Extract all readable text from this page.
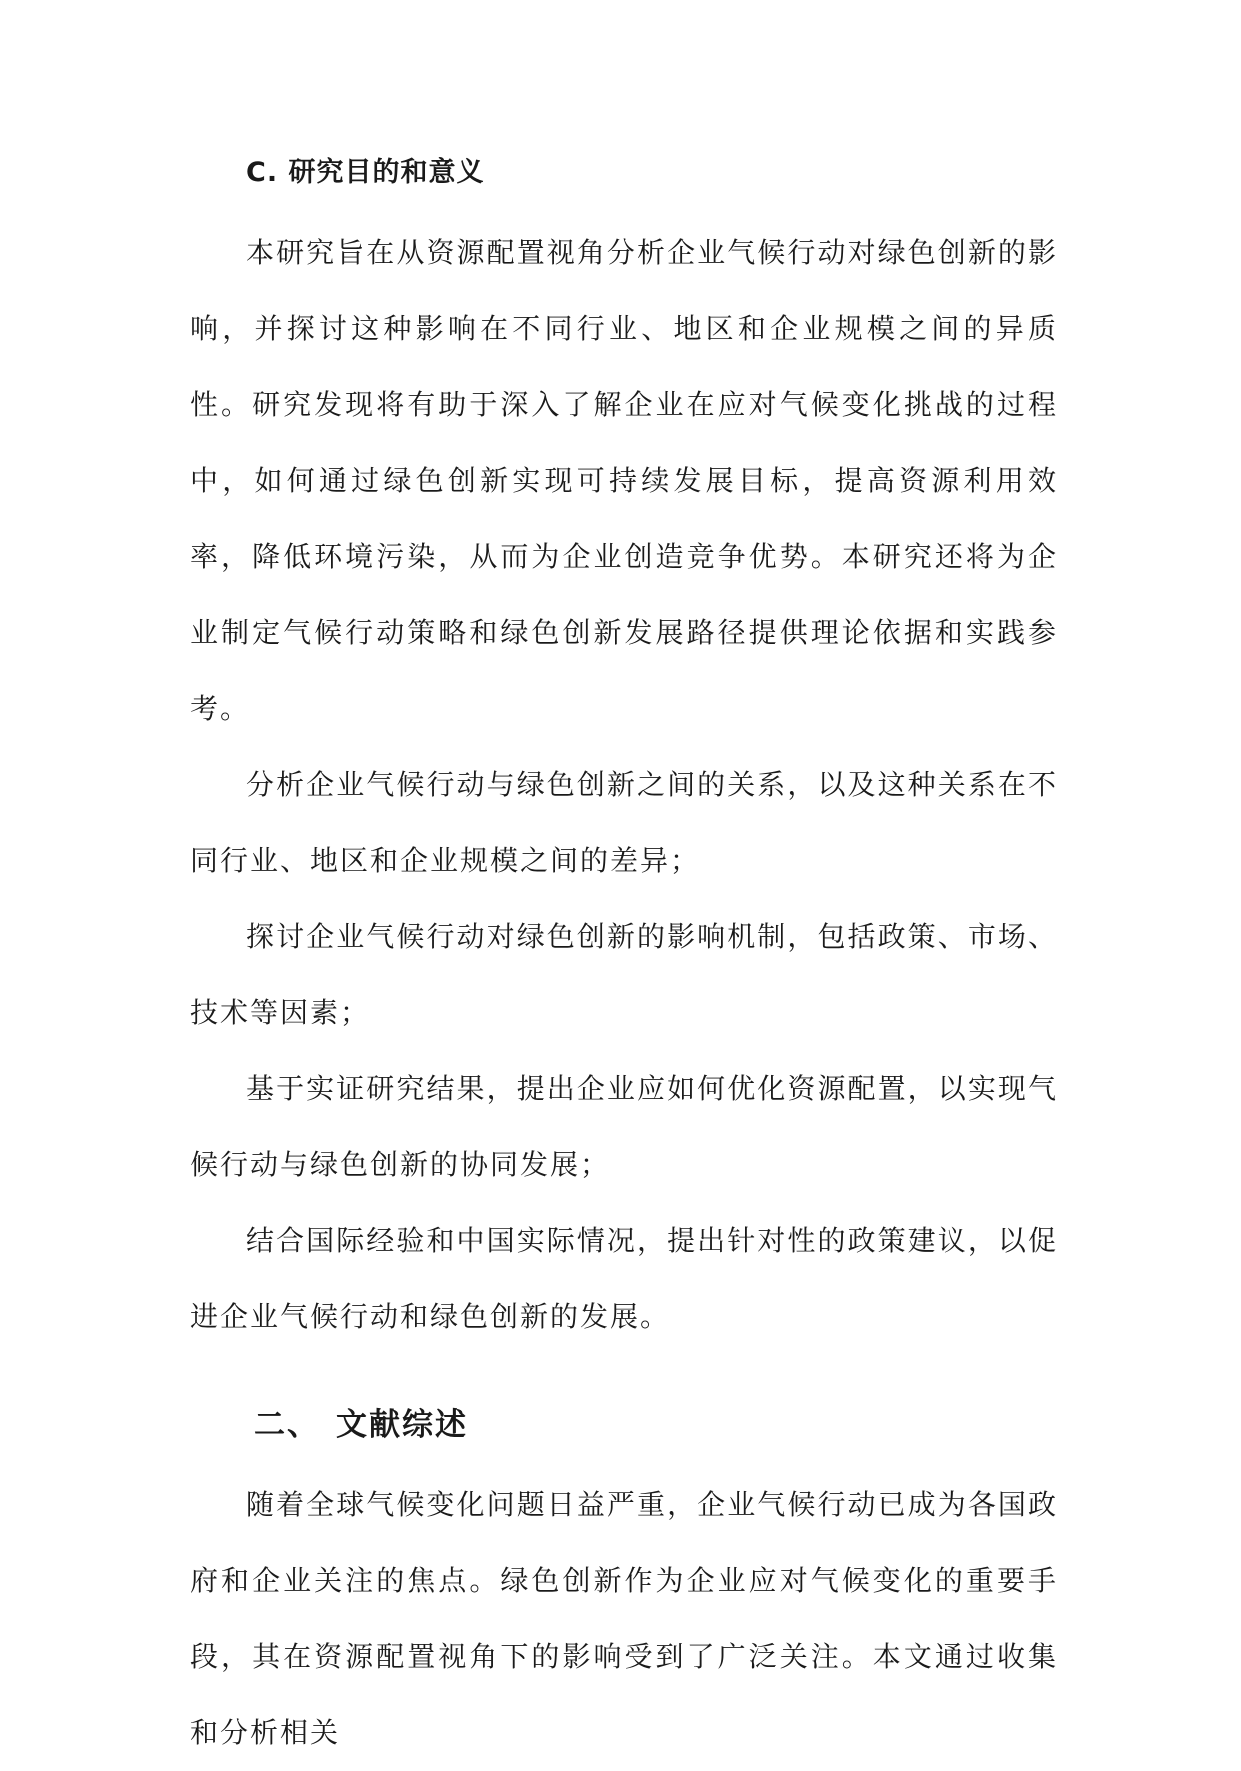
C. 研究目的和意义

本研究旨在从资源配置视角分析企业气候行动对绿色创新的影响，并探讨这种影响在不同行业、地区和企业规模之间的异质性。研究发现将有助于深入了解企业在应对气候变化挑战的过程中，如何通过绿色创新实现可持续发展目标，提高资源利用效率，降低环境污染，从而为企业创造竞争优势。本研究还将为企业制定气候行动策略和绿色创新发展路径提供理论依据和实践参考。

分析企业气候行动与绿色创新之间的关系，以及这种关系在不同行业、地区和企业规模之间的差异；

探讨企业气候行动对绿色创新的影响机制，包括政策、市场、技术等因素；

基于实证研究结果，提出企业应如何优化资源配置，以实现气候行动与绿色创新的协同发展；

结合国际经验和中国实际情况，提出针对性的政策建议，以促进企业气候行动和绿色创新的发展。

二、 文献综述

随着全球气候变化问题日益严重，企业气候行动已成为各国政府和企业关注的焦点。绿色创新作为企业应对气候变化的重要手段，其在资源配置视角下的影响受到了广泛关注。本文通过收集和分析相关
